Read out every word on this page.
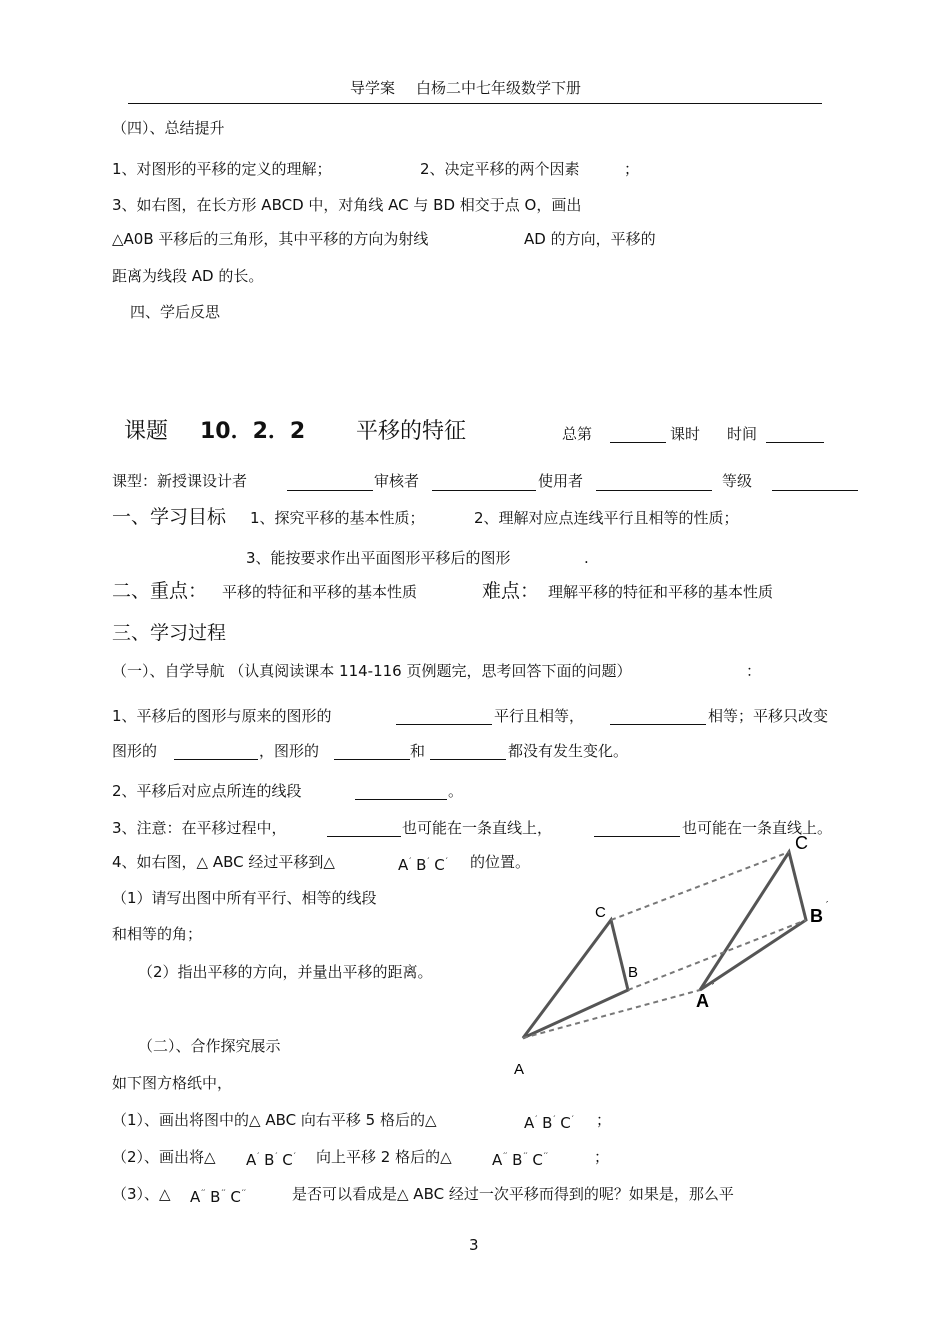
导学案 白杨二中七年级数学下册
（四）、总结提升
1、对图形的平移的定义的理解；	2、决定平移的两个因素	；
3、如右图，在长方形 ABCD 中，对角线 AC 与 BD 相交于点 O，画出
△A0B 平移后的三角形，其中平移的方向为射线	AD 的方向，平移的
距离为线段 AD 的长。
四、学后反思
课题 10．2．2 平移的特征	总第	课时 时间
课型：新授课设计者	审核者	使用者	等级
一、学习目标 1、探究平移的基本性质；	2、理解对应点连线平行且相等的性质；
3、能按要求作出平面图形平移后的图形	.
二、重点： 平移的特征和平移的基本性质	难点： 理解平移的特征和平移的基本性质
三、学习过程
（一）、自学导航 （认真阅读课本 114-116 页例题完，思考回答下面的问题）	：
1、平移后的图形与原来的图形的	平行且相等，	相等；平移只改变
图形的	，图形的	和	都没有发生变化。
2、平移后对应点所连的线段	。
3、注意：在平移过程中，	也可能在一条直线上，	也可能在一条直线上。
4、如右图，△ ABC 经过平移到△	A′ B′ C′ 的位置。
（1）请写出图中所有平行、相等的线段
和相等的角；
（2）指出平移的方向，并量出平移的距离。
A
B
C
A
B
C
′
′
（二）、合作探究展示
如下图方格纸中，
（1）、画出将图中的△ ABC 向右平移 5 格后的△	A′ B′ C′ ；
（2）、画出将△ A′ B′ C′ 向上平移 2 格后的△	A′′ B′′ C′′	；
（3）、△ A′′ B′′ C′′	是否可以看成是△ ABC 经过一次平移而得到的呢？如果是，那么平
3
